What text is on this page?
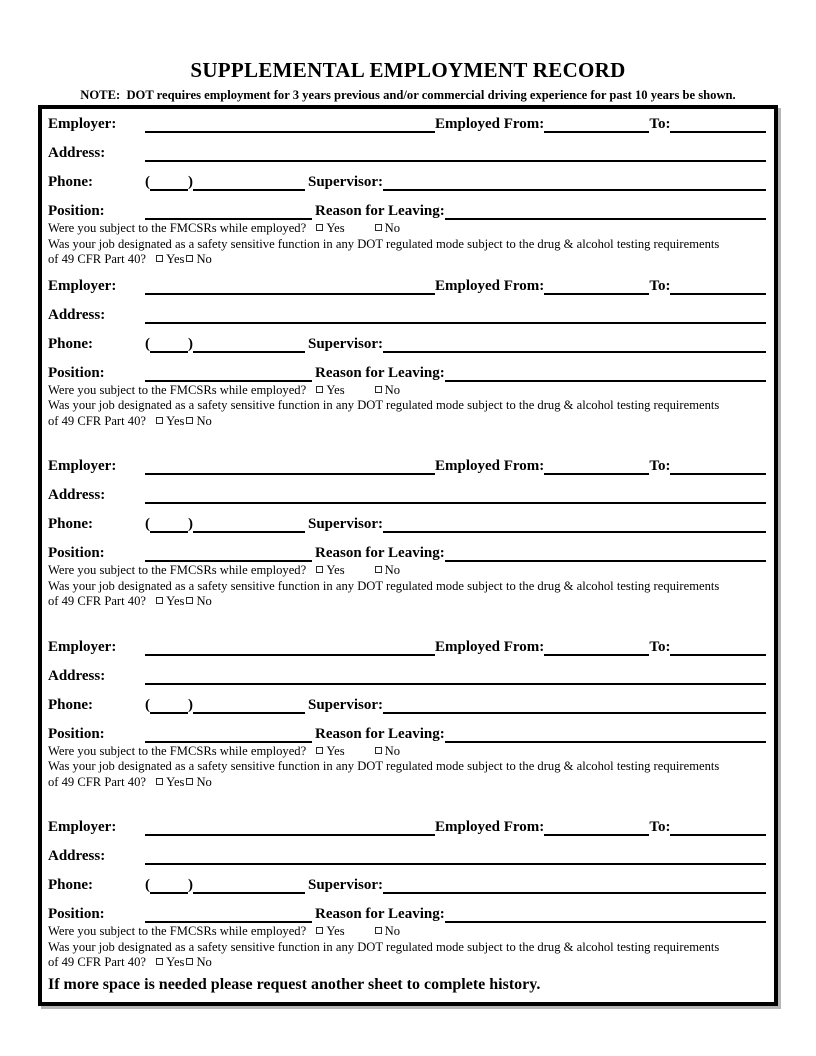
SUPPLEMENTAL EMPLOYMENT RECORD
NOTE:  DOT requires employment for 3 years previous and/or commercial driving experience for past 10 years be shown.
Employer:	Employed From:	To:
Address:
Phone:	(	)	Supervisor:
Position:	Reason for Leaving:
Were you subject to the FMCSRs while employed? Yes	No
Was your job designated as a safety sensitive function in any DOT regulated mode subject to the drug & alcohol testing requirements
of 49 CFR Part 40? Yes No
Employer:	Employed From:	To:
Address:
Phone:	(	)	Supervisor:
Position:	Reason for Leaving:
Were you subject to the FMCSRs while employed? Yes	No
Was your job designated as a safety sensitive function in any DOT regulated mode subject to the drug & alcohol testing requirements
of 49 CFR Part 40? Yes No
Employer:	Employed From:	To:
Address:
Phone:	(	)	Supervisor:
Position:	Reason for Leaving:
Were you subject to the FMCSRs while employed? Yes	No
Was your job designated as a safety sensitive function in any DOT regulated mode subject to the drug & alcohol testing requirements
of 49 CFR Part 40? Yes No
Employer:	Employed From:	To:
Address:
Phone:	(	)	Supervisor:
Position:	Reason for Leaving:
Were you subject to the FMCSRs while employed? Yes	No
Was your job designated as a safety sensitive function in any DOT regulated mode subject to the drug & alcohol testing requirements
of 49 CFR Part 40? Yes No
Employer:	Employed From:	To:
Address:
Phone:	(	)	Supervisor:
Position:	Reason for Leaving:
Were you subject to the FMCSRs while employed? Yes	No
Was your job designated as a safety sensitive function in any DOT regulated mode subject to the drug & alcohol testing requirements
of 49 CFR Part 40? Yes No
If more space is needed please request another sheet to complete history.
